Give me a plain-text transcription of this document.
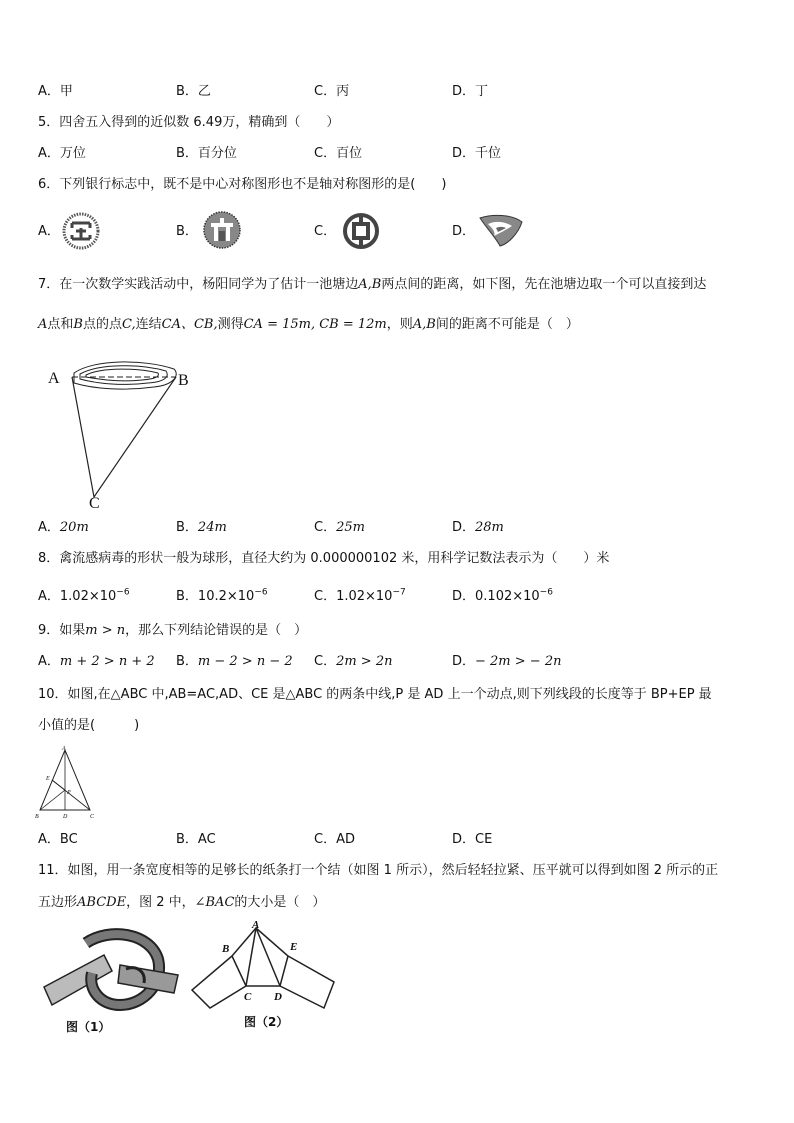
A．甲	B．乙	C．丙	D．丁
5．四舍五入得到的近似数 6.49万，精确到（　　）
A．万位	B．百分位	C．百位	D．千位
6．下列银行标志中，既不是中心对称图形也不是轴对称图形的是(　　)
A．	B．	C．	D．
7．在一次数学实践活动中，杨阳同学为了估计一池塘边A,B两点间的距离，如下图，先在池塘边取一个可以直接到达
A点和B点的点C,连结CA、CB,测得CA = 15m, CB = 12m，则A,B间的距离不可能是（　）
A	B
C
A．20m	B．24m	C．25m	D．28m
8．禽流感病毒的形状一般为球形，直径大约为 0.000000102 米，用科学记数法表示为（　　）米
A．$1.02\times 10^{-6}$	B．$10.2\times 10^{-6}$	C．$1.02\times 10^{-7}$	D．$0.102\times 10^{-6}$
9．如果m > n，那么下列结论错误的是（　）
A．m + 2 > n + 2 B．m − 2 > n − 2 C．2m > 2n	D．− 2m > − 2n
10．如图,在△ABC 中,AB=AC,AD、CE 是△ABC 的两条中线,P 是 AD 上一个动点,则下列线段的长度等于 BP+EP 最
小值的是(　　　)
A
B	C
D
E
P
A．BC	B．AC	C．AD	D．CE
11．如图，用一条宽度相等的足够长的纸条打一个结（如图 1 所示），然后轻轻拉紧、压平就可以得到如图 2 所示的正
五边形ABCDE，图 2 中，∠BAC的大小是（　）
图（1）
A
B
C D
E
图（2）
